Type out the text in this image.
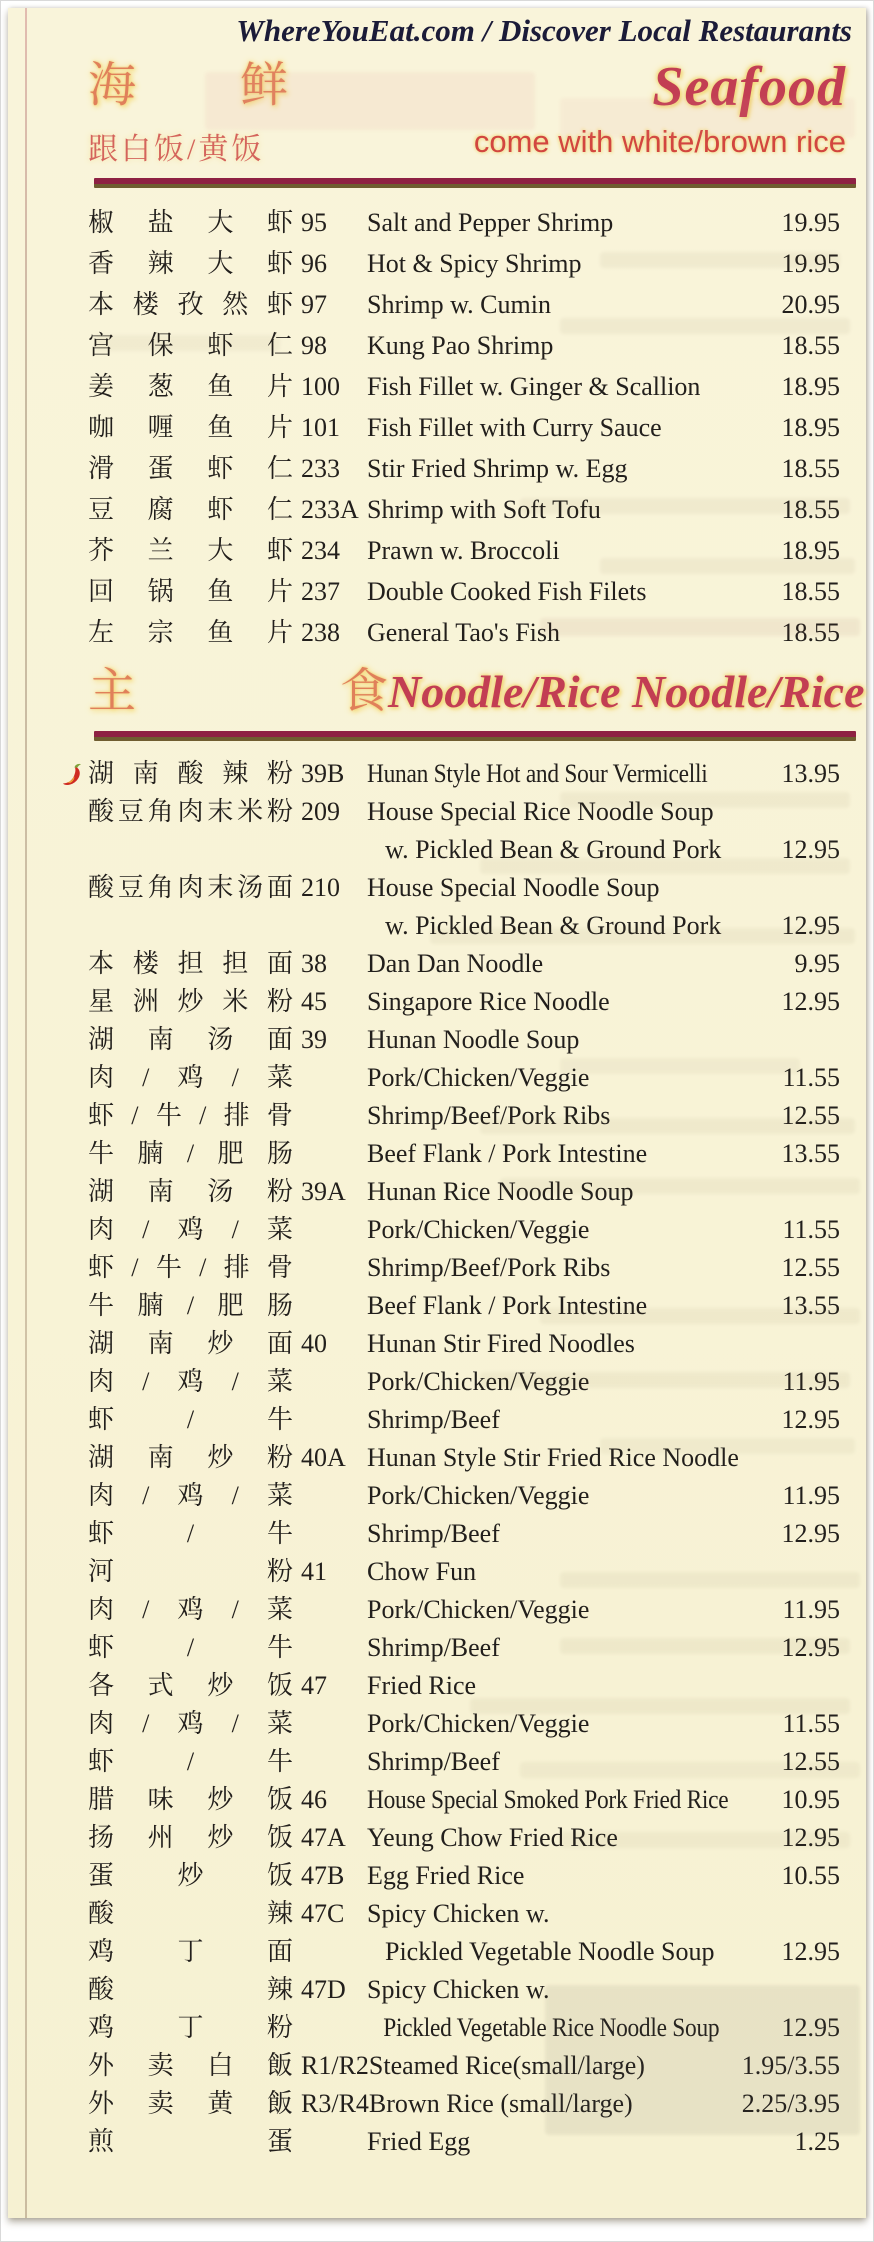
WhereYouEat.com / Discover Local Restaurants
海 鲜
跟白饭/黄饭
Seafood
come with white/brown rice
椒 盐 大 虾 95	Salt and Pepper Shrimp	19.95
香 辣 大 虾 96	Hot & Spicy Shrimp	19.95
本 楼 孜 然 虾 97	Shrimp w. Cumin	20.95
宫 保 虾 仁 98	Kung Pao Shrimp	18.55
姜 葱 鱼 片 100	Fish Fillet w. Ginger & Scallion	18.95
咖 喱 鱼 片 101	Fish Fillet with Curry Sauce	18.95
滑 蛋 虾 仁 233	Stir Fried Shrimp w. Egg	18.55
豆 腐 虾 仁 233A Shrimp with Soft Tofu	18.55
芥 兰 大 虾 234	Prawn w. Broccoli	18.95
回 锅 鱼 片 237	Double Cooked Fish Filets	18.55
左 宗 鱼 片 238	General Tao's Fish	18.55
主	食 Noodle/Rice Noodle/Rice
湖 南 酸 辣 粉 39B Hunan Style Hot and Sour Vermicelli	13.95
酸 豆 角 肉 末 米 粉 209	House Special Rice Noodle Soup
w. Pickled Bean & Ground Pork	12.95
酸 豆 角 肉 末 汤 面 210	House Special Noodle Soup
w. Pickled Bean & Ground Pork	12.95
本 楼 担 担 面 38	Dan Dan Noodle	9.95
星 洲 炒 米 粉 45	Singapore Rice Noodle	12.95
湖 南 汤 面 39	Hunan Noodle Soup
肉 / 鸡 / 菜	Pork/Chicken/Veggie	11.55
虾 / 牛 / 排 骨	Shrimp/Beef/Pork Ribs	12.55
牛 腩 / 肥 肠	Beef Flank / Pork Intestine	13.55
湖 南 汤 粉 39A Hunan Rice Noodle Soup
肉 / 鸡 / 菜	Pork/Chicken/Veggie	11.55
虾 / 牛 / 排 骨	Shrimp/Beef/Pork Ribs	12.55
牛 腩 / 肥 肠	Beef Flank / Pork Intestine	13.55
湖 南 炒 面 40	Hunan Stir Fired Noodles
肉 / 鸡 / 菜	Pork/Chicken/Veggie	11.95
虾	/	牛	Shrimp/Beef	12.95
湖 南 炒 粉 40A Hunan Style Stir Fried Rice Noodle
肉 / 鸡 / 菜	Pork/Chicken/Veggie	11.95
虾	/	牛	Shrimp/Beef	12.95
河	粉 41	Chow Fun
肉 / 鸡 / 菜	Pork/Chicken/Veggie	11.95
虾	/	牛	Shrimp/Beef	12.95
各 式 炒 饭 47	Fried Rice
肉 / 鸡 / 菜	Pork/Chicken/Veggie	11.55
虾	/	牛	Shrimp/Beef	12.55
腊 味 炒 饭 46	House Special Smoked Pork Fried Rice 10.95
扬 州 炒 饭 47A Yeung Chow Fried Rice	12.95
蛋 炒 饭 47B Egg Fried Rice	10.55
酸	辣 47C Spicy Chicken w.
鸡 丁 面	Pickled Vegetable Noodle Soup	12.95
酸	辣 47D Spicy Chicken w.
鸡 丁 粉	Pickled Vegetable Rice Noodle Soup	12.95
外 卖 白 飯 R1/R2 Steamed Rice(small/large)	1.95/3.55
外 卖 黄 飯 R3/R4 Brown Rice (small/large)	2.25/3.95
煎	蛋	Fried Egg	1.25
